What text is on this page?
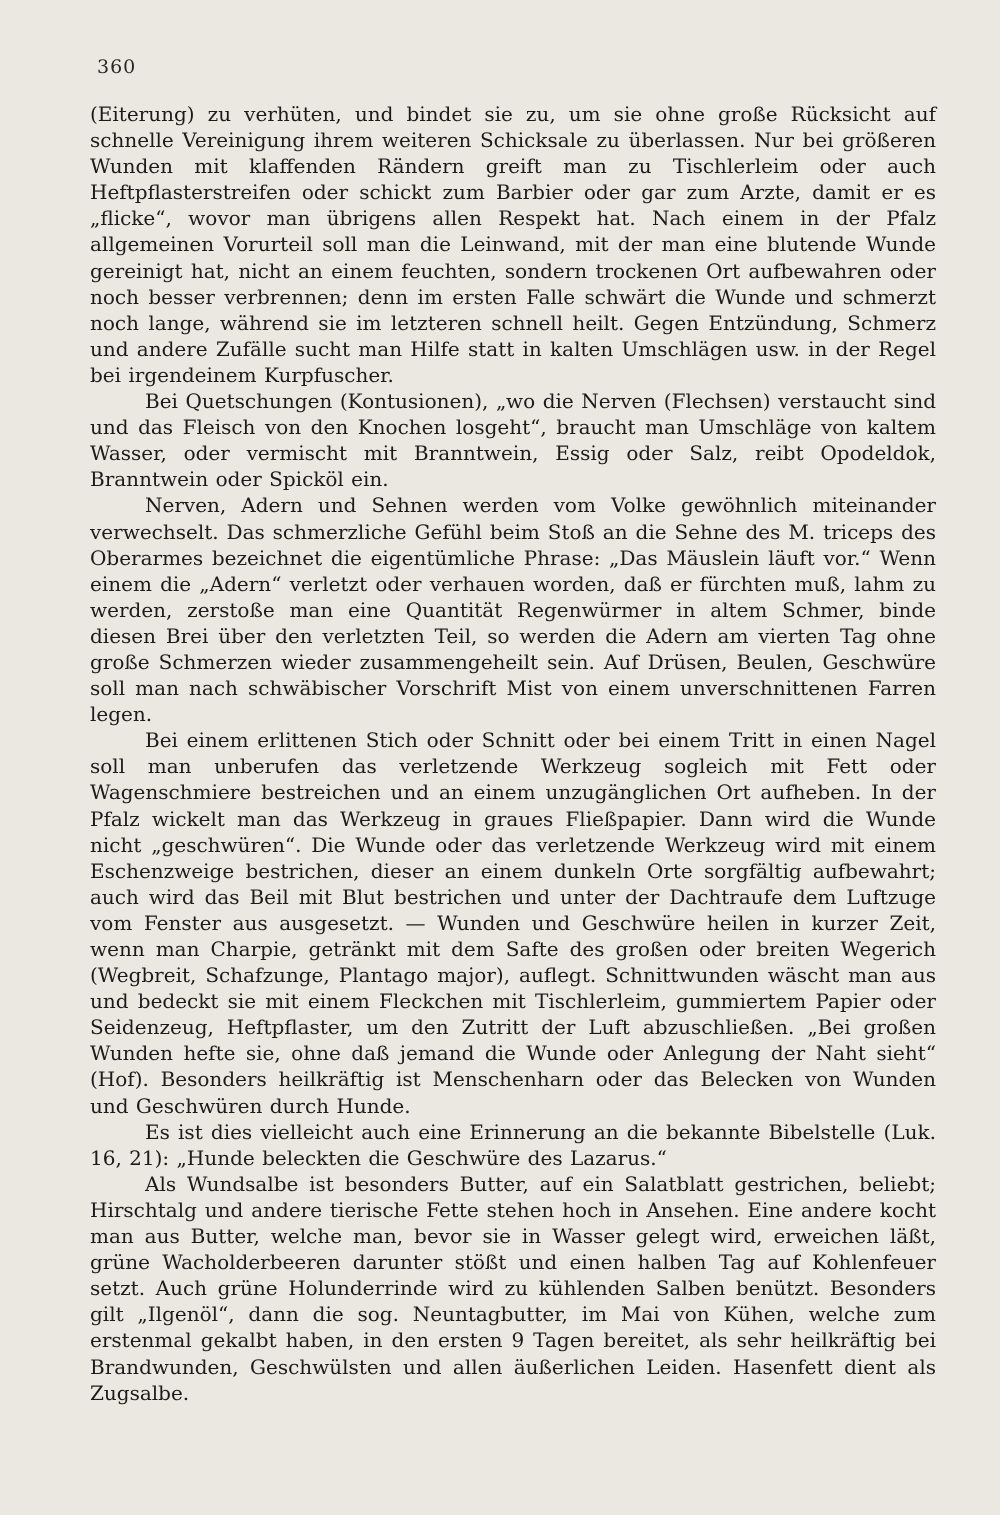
360

(Eiterung) zu verhüten, und bindet sie zu, um sie ohne große Rücksicht auf schnelle Vereinigung ihrem weiteren Schicksale zu überlassen. Nur bei größeren Wunden mit klaffenden Rändern greift man zu Tischlerleim oder auch Heftpflasterstreifen oder schickt zum Barbier oder gar zum Arzte, damit er es „flicke“, wovor man übrigens allen Respekt hat. Nach einem in der Pfalz allgemeinen Vorurteil soll man die Leinwand, mit der man eine blutende Wunde gereinigt hat, nicht an einem feuchten, sondern trockenen Ort aufbewahren oder noch besser verbrennen; denn im ersten Falle schwärt die Wunde und schmerzt noch lange, während sie im letzteren schnell heilt. Gegen Entzündung, Schmerz und andere Zufälle sucht man Hilfe statt in kalten Umschlägen usw. in der Regel bei irgendeinem Kurpfuscher.

Bei Quetschungen (Kontusionen), „wo die Nerven (Flechsen) verstaucht sind und das Fleisch von den Knochen losgeht“, braucht man Umschläge von kaltem Wasser, oder vermischt mit Branntwein, Essig oder Salz, reibt Opodeldok, Branntwein oder Spicköl ein.

Nerven, Adern und Sehnen werden vom Volke gewöhnlich miteinander verwechselt. Das schmerzliche Gefühl beim Stoß an die Sehne des M. triceps des Oberarmes bezeichnet die eigentümliche Phrase: „Das Mäuslein läuft vor.“ Wenn einem die „Adern“ verletzt oder verhauen worden, daß er fürchten muß, lahm zu werden, zerstoße man eine Quantität Regenwürmer in altem Schmer, binde diesen Brei über den verletzten Teil, so werden die Adern am vierten Tag ohne große Schmerzen wieder zusammengeheilt sein. Auf Drüsen, Beulen, Geschwüre soll man nach schwäbischer Vorschrift Mist von einem unverschnittenen Farren legen.

Bei einem erlittenen Stich oder Schnitt oder bei einem Tritt in einen Nagel soll man unberufen das verletzende Werkzeug sogleich mit Fett oder Wagenschmiere bestreichen und an einem unzugänglichen Ort aufheben. In der Pfalz wickelt man das Werkzeug in graues Fließpapier. Dann wird die Wunde nicht „geschwüren“. Die Wunde oder das verletzende Werkzeug wird mit einem Eschenzweige bestrichen, dieser an einem dunkeln Orte sorgfältig aufbewahrt; auch wird das Beil mit Blut bestrichen und unter der Dachtraufe dem Luftzuge vom Fenster aus ausgesetzt. — Wunden und Geschwüre heilen in kurzer Zeit, wenn man Charpie, getränkt mit dem Safte des großen oder breiten Wegerich (Wegbreit, Schafzunge, Plantago major), auflegt. Schnittwunden wäscht man aus und bedeckt sie mit einem Fleckchen mit Tischlerleim, gummiertem Papier oder Seidenzeug, Heftpflaster, um den Zutritt der Luft abzuschließen. „Bei großen Wunden hefte sie, ohne daß jemand die Wunde oder Anlegung der Naht sieht“ (Hof). Besonders heilkräftig ist Menschenharn oder das Belecken von Wunden und Geschwüren durch Hunde.

Es ist dies vielleicht auch eine Erinnerung an die bekannte Bibelstelle (Luk. 16, 21): „Hunde beleckten die Geschwüre des Lazarus.“

Als Wundsalbe ist besonders Butter, auf ein Salatblatt gestrichen, beliebt; Hirschtalg und andere tierische Fette stehen hoch in Ansehen. Eine andere kocht man aus Butter, welche man, bevor sie in Wasser gelegt wird, erweichen läßt, grüne Wacholderbeeren darunter stößt und einen halben Tag auf Kohlenfeuer setzt. Auch grüne Holunderrinde wird zu kühlenden Salben benützt. Besonders gilt „Ilgenöl“, dann die sog. Neuntagbutter, im Mai von Kühen, welche zum erstenmal gekalbt haben, in den ersten 9 Tagen bereitet, als sehr heilkräftig bei Brandwunden, Geschwülsten und allen äußerlichen Leiden. Hasenfett dient als Zugsalbe.
